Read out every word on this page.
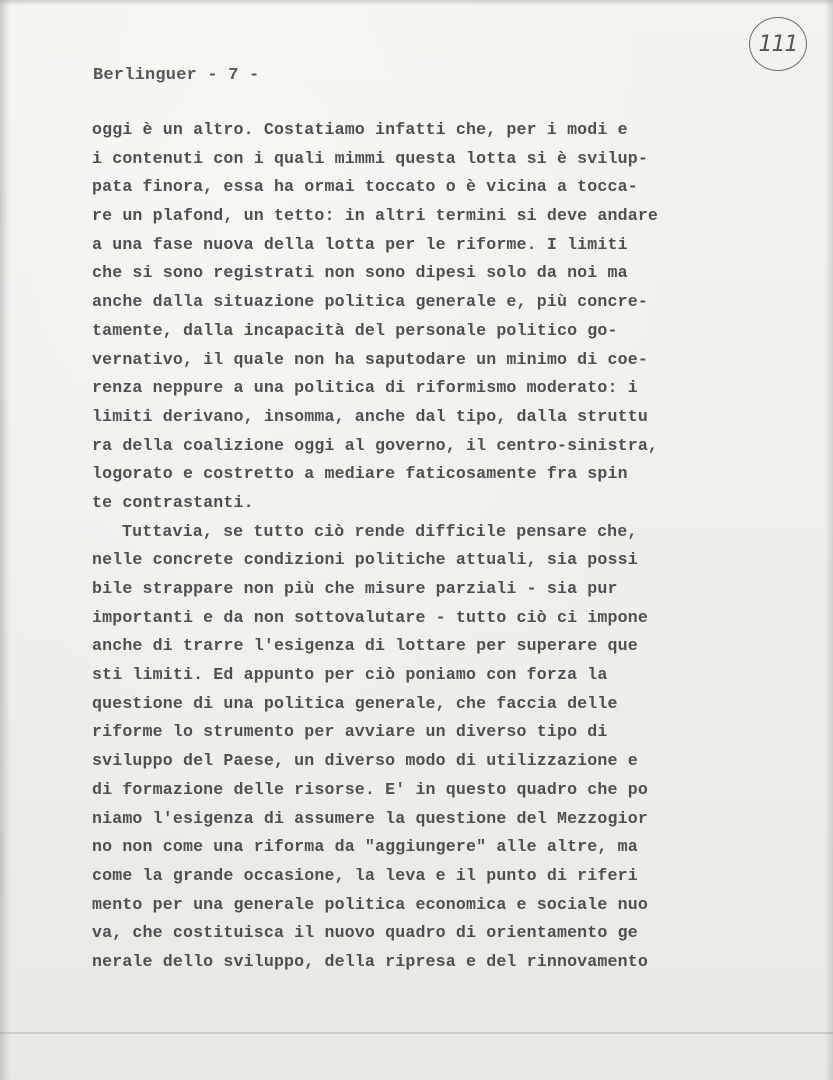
111
Berlinguer - 7 -
oggi è un altro. Costatiamo infatti che, per i modi e
i contenuti con i quali mimmi questa lotta si è svilup-
pata finora, essa ha ormai toccato o è vicina a tocca-
re un plafond, un tetto: in altri termini si deve andare
a una fase nuova della lotta per le riforme. I limiti
che si sono registrati non sono dipesi solo da noi ma
anche dalla situazione politica generale e, più concre-
tamente, dalla incapacità del personale politico go-
vernativo, il quale non ha saputodare un minimo di coe-
renza neppure a una politica di riformismo moderato: i
limiti derivano, insomma, anche dal tipo, dalla struttu
ra della coalizione oggi al governo, il centro-sinistra,
logorato e costretto a mediare faticosamente fra spin
te contrastanti.
Tuttavia, se tutto ciò rende difficile pensare che,
nelle concrete condizioni politiche attuali, sia possi
bile strappare non più che misure parziali - sia pur
importanti e da non sottovalutare - tutto ciò ci impone
anche di trarre l'esigenza di lottare per superare que
sti limiti. Ed appunto per ciò poniamo con forza la
questione di una politica generale, che faccia delle
riforme lo strumento per avviare un diverso tipo di
sviluppo del Paese, un diverso modo di utilizzazione e
di formazione delle risorse. E' in questo quadro che po
niamo l'esigenza di assumere la questione del Mezzogior
no non come una riforma da "aggiungere" alle altre, ma
come la grande occasione, la leva e il punto di riferi
mento per una generale politica economica e sociale nuo
va, che costituisca il nuovo quadro di orientamento ge
nerale dello sviluppo, della ripresa e del rinnovamento
